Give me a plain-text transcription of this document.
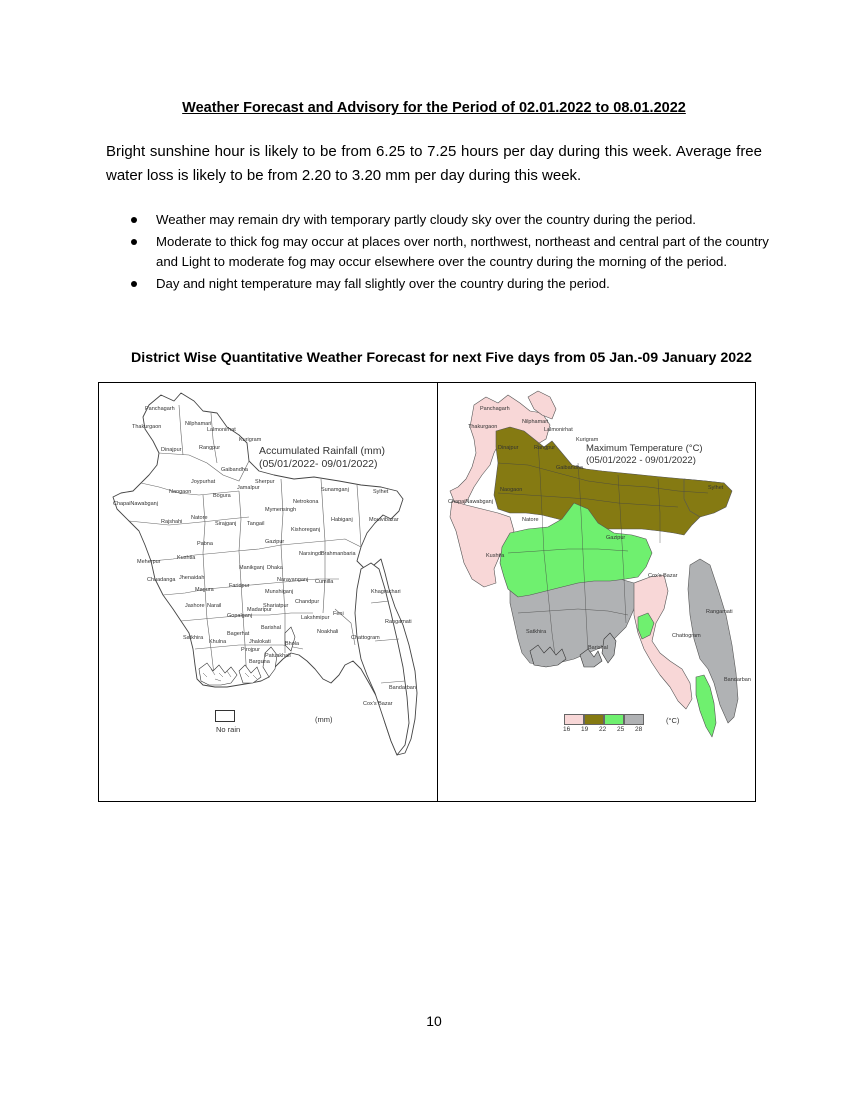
Weather Forecast and Advisory for the Period of 02.01.2022 to 08.01.2022
Bright sunshine hour is likely to be from 6.25 to 7.25 hours per day during this week. Average free water loss is likely to be from 2.20 to 3.20 mm per day during this week.
Weather may remain dry with temporary partly cloudy sky over the country during the period.
Moderate to thick fog may occur at places over north, northwest, northeast and central part of the country and Light to moderate fog may occur elsewhere over the country during the morning of the period.
Day and night temperature may fall slightly over the country during the period.
District Wise Quantitative Weather Forecast for next Five days from 05 Jan.-09 January 2022
Accumulated Rainfall (mm)
(05/01/2022- 09/01/2022)
Panchagarh
Thakurgaon	Nilphamari
Lalmonirhat
Dinajpur	Rangpur
Kurigram
Gaibandha
Joypurhat
Naogaon
Bogura
Jamalpur
Sherpur
Sunamganj	Sylhet
Netrokona
Mymensingh
ChapaiNawabganj
Rajshahi
Natore
Sirajganj Tangail
Kishoreganj
Habiganj	Moulvibazar
Gazipur
Narsingdi
Pabna
Kushtia
Meherpur
Chuadanga Jhenaidah
Magura
Faridpur
Manikganj Dhaka
Narayanganj
Munshiganj
Brahmanbaria
Cumilla
Chandpur
Jashore Narail
Gopalganj
Madaripur
Shariatpur
Lakshmipur
Noakhali
Feni
Khagrachari
Rangamati
Chattogram
Bandarban
Cox's Bazar
Satkhira
Khulna
Bagerhat
Barishal
Jhalokati
Pirojpur
Patuakhali
Barguna
Bhola
No rain
(mm)
Maximum Temperature (°C)
(05/01/2022 - 09/01/2022)
Panchagarh
Thakurgaon
Nilphamari
Lalmonirhat
Dinajpur	Rangpur
Kurigram
Gaibandha
Naogaon	Sylhet
ChapaiNawabganj
Natore
Gazipur
Kushtia
Cox's Bazar
Rangamati
Chattogram
Bandarban
Satkhira
Barishal
16 19 22 25 28
(°C)
10
